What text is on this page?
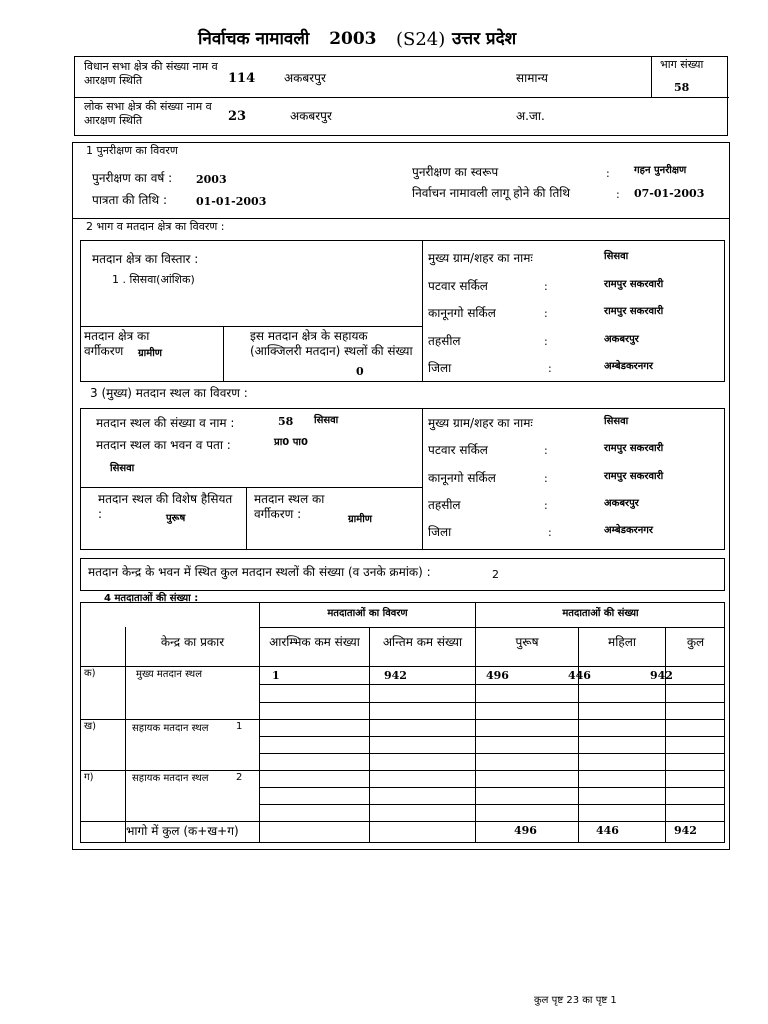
निर्वाचक नामावली 2003 (S24) उत्तर प्रदेश
विधान सभा क्षेत्र की संख्या नाम व आरक्षण स्थिति	114 अकबरपुर	सामान्य
भाग संख्या
58
लोक सभा क्षेत्र की संख्या नाम व आरक्षण स्थिति	23	अकबरपुर	अ.जा.
1 पुनरीक्षण का विवरण
पुनरीक्षण का वर्ष : 2003
पात्रता की तिथि :	01-01-2003
पुनरीक्षण का स्वरूप	: गहन पुनरीक्षण
निर्वाचन नामावली लागू होने की तिथि	: 07-01-2003
2 भाग व मतदान क्षेत्र का विवरण :
मतदान क्षेत्र का विस्तार :
1 . सिसवा(आंशिक)
मतदान क्षेत्र का वर्गीकरण	ग्रामीण
इस मतदान क्षेत्र के सहायक (आक्जिलरी मतदान) स्थलों की संख्या
0
मुख्य ग्राम/शहर का नामः	सिसवा
पटवार सर्किल	:	रामपुर सकरवारी
कानूनगो सर्किल	:	रामपुर सकरवारी
तहसील	:	अकबरपुर
जिला	:	अम्बेडकरनगर
3 (मुख्य) मतदान स्थल का विवरण :
मतदान स्थल की संख्या व नाम :	58 सिसवा
मतदान स्थल का भवन व पता :	प्रा0 पा0
सिसवा
मतदान स्थल की विशेष हैसियत :	पुरूष
मतदान स्थल का वर्गीकरण :	ग्रामीण
मुख्य ग्राम/शहर का नामः	सिसवा
पटवार सर्किल	:	रामपुर सकरवारी
कानूनगो सर्किल	:	रामपुर सकरवारी
तहसील	:	अकबरपुर
जिला	:	अम्बेडकरनगर
मतदान केन्द्र के भवन में स्थित कुल मतदान स्थलों की संख्या (व उनके क्रमांक) :	2
4 मतदाताओं की संख्या :
मतदाताओं का विवरण	मतदाताओं की संख्या
केन्द्र का प्रकार	आरम्भिक कम संख्या	अन्तिम कम संख्या	पुरूष	महिला	कुल
क)	मुख्य मतदान स्थल	1	942	496	446	942
ख)	सहायक मतदान स्थल	1
ग)	सहायक मतदान स्थल	2
भागो में कुल (क+ख+ग)	496	446	942
कुल पृष्ट 23 का पृष्ट 1
